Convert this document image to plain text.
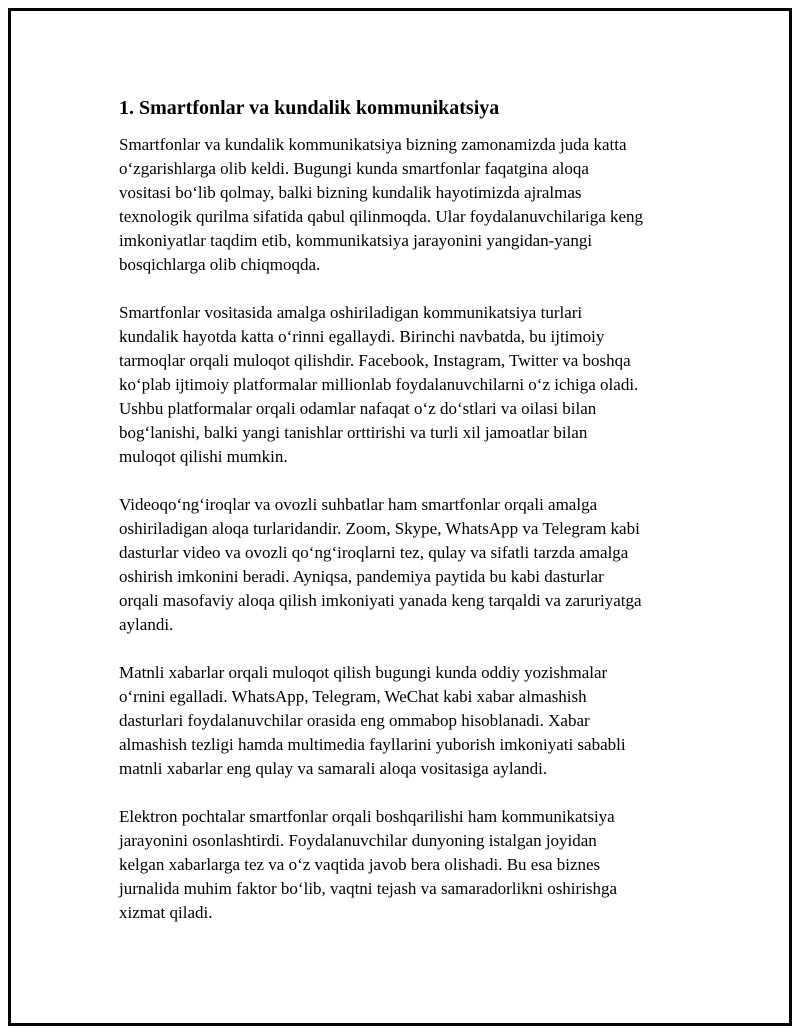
1. Smartfonlar va kundalik kommunikatsiya

Smartfonlar va kundalik kommunikatsiya bizning zamonamizda juda katta
o‘zgarishlarga olib keldi. Bugungi kunda smartfonlar faqatgina aloqa
vositasi bo‘lib qolmay, balki bizning kundalik hayotimizda ajralmas
texnologik qurilma sifatida qabul qilinmoqda. Ular foydalanuvchilariga keng
imkoniyatlar taqdim etib, kommunikatsiya jarayonini yangidan-yangi
bosqichlarga olib chiqmoqda.

Smartfonlar vositasida amalga oshiriladigan kommunikatsiya turlari
kundalik hayotda katta o‘rinni egallaydi. Birinchi navbatda, bu ijtimoiy
tarmoqlar orqali muloqot qilishdir. Facebook, Instagram, Twitter va boshqa
ko‘plab ijtimoiy platformalar millionlab foydalanuvchilarni o‘z ichiga oladi.
Ushbu platformalar orqali odamlar nafaqat o‘z do‘stlari va oilasi bilan
bog‘lanishi, balki yangi tanishlar orttirishi va turli xil jamoatlar bilan
muloqot qilishi mumkin.

Videoqo‘ng‘iroqlar va ovozli suhbatlar ham smartfonlar orqali amalga
oshiriladigan aloqa turlaridandir. Zoom, Skype, WhatsApp va Telegram kabi
dasturlar video va ovozli qo‘ng‘iroqlarni tez, qulay va sifatli tarzda amalga
oshirish imkonini beradi. Ayniqsa, pandemiya paytida bu kabi dasturlar
orqali masofaviy aloqa qilish imkoniyati yanada keng tarqaldi va zaruriyatga
aylandi.

Matnli xabarlar orqali muloqot qilish bugungi kunda oddiy yozishmalar
o‘rnini egalladi. WhatsApp, Telegram, WeChat kabi xabar almashish
dasturlari foydalanuvchilar orasida eng ommabop hisoblanadi. Xabar
almashish tezligi hamda multimedia fayllarini yuborish imkoniyati sababli
matnli xabarlar eng qulay va samarali aloqa vositasiga aylandi.

Elektron pochtalar smartfonlar orqali boshqarilishi ham kommunikatsiya
jarayonini osonlashtirdi. Foydalanuvchilar dunyoning istalgan joyidan
kelgan xabarlarga tez va o‘z vaqtida javob bera olishadi. Bu esa biznes
jurnalida muhim faktor bo‘lib, vaqtni tejash va samaradorlikni oshirishga
xizmat qiladi.
